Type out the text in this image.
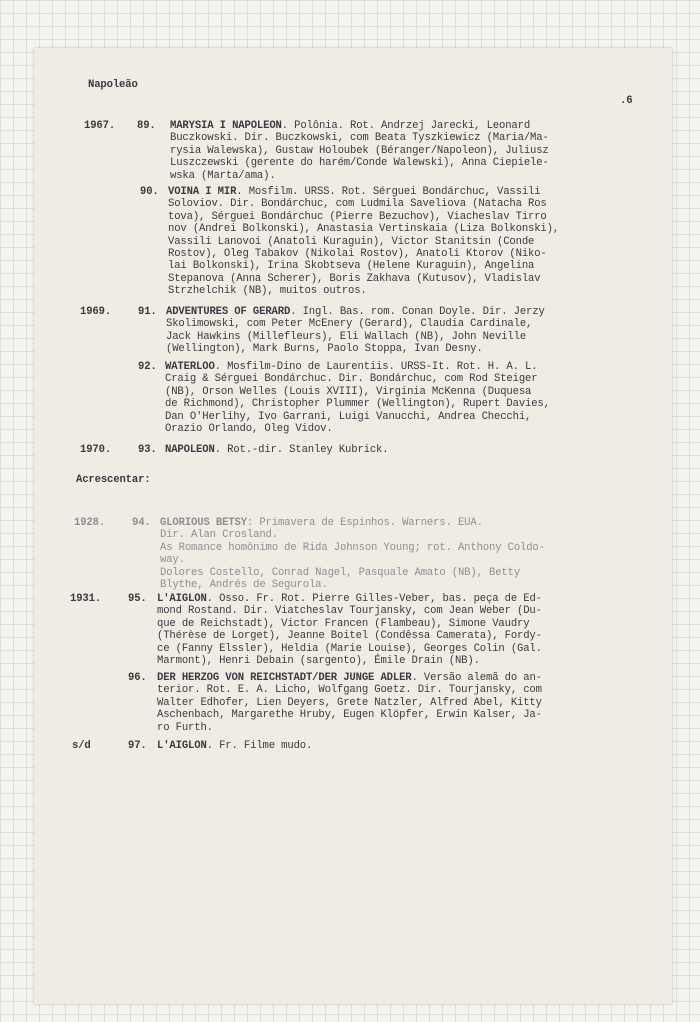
Napoleão
.6
Acrescentar:
1967. 89. MARYSIA I NAPOLEON. Polônia. Rot. Andrzej Jarecki, Leonard
Buczkowski. Dir. Buczkowski, com Beata Tyszkiewicz (Maria/Ma-
rysia Walewska), Gustaw Holoubek (Béranger/Napoleon), Juliusz
Luszczewski (gerente do harém/Conde Walewski), Anna Ciepiele-
wska (Marta/ama).
90. VOINA I MIR. Mosfilm. URSS. Rot. Sérguei Bondárchuc, Vassili
Soloviov. Dir. Bondárchuc, com Ludmila Saveliova (Natacha Ros
tova), Sérguei Bondárchuc (Pierre Bezuchov), Viacheslav Tirro
nov (Andrei Bolkonski), Anastasia Vertinskaia (Liza Bolkonski),
Vassili Lanovoi (Anatoli Kuraguin), Victor Stanitsin (Conde
Rostov), Oleg Tabakov (Nikolai Rostov), Anatoli Ktorov (Niko-
lai Bolkonski), Irina Skobtseva (Helene Kuraguin), Angelina
Stepanova (Anna Scherer), Boris Zakhava (Kutusov), Vladislav
Strzhelchik (NB), muitos outros.
1969.	91. ADVENTURES OF GERARD. Ingl. Bas. rom. Conan Doyle. Dir. Jerzy
Skolimowski, com Peter McEnery (Gerard), Claudia Cardinale,
Jack Hawkins (Millefleurs), Eli Wallach (NB), John Neville
(Wellington), Mark Burns, Paolo Stoppa, Ivan Desny.
92. WATERLOO. Mosfilm-Dino de Laurentiis. URSS-It. Rot. H. A. L.
Craig & Sérguei Bondárchuc. Dir. Bondárchuc, com Rod Steiger
(NB), Orson Welles (Louis XVIII), Virginia McKenna (Duquesa
de Richmond), Christopher Plummer (Wellington), Rupert Davies,
Dan O'Herlihy, Ivo Garrani, Luigi Vanucchi, Andrea Checchi,
Orazio Orlando, Oleg Vidov.
1970.	93. NAPOLEON. Rot.-dir. Stanley Kubrick.
1928.	94. GLORIOUS BETSY: Primavera de Espinhos. Warners. EUA.
Dir. Alan Crosland.
As Romance homônimo de Rida Johnson Young; rot. Anthony Coldo-
way.
Dolores Costello, Conrad Nagel, Pasquale Amato (NB), Betty
Blythe, Andrés de Segurola.
1931.	95. L'AIGLON. Osso. Fr. Rot. Pierre Gilles-Veber, bas. peça de Ed-
mond Rostand. Dir. Viatcheslav Tourjansky, com Jean Weber (Du-
que de Reichstadt), Victor Francen (Flambeau), Simone Vaudry
(Thérèse de Lorget), Jeanne Boitel (Condêssa Camerata), Fordy-
ce (Fanny Elssler), Heldia (Marie Louise), Georges Colin (Gal.
Marmont), Henri Debain (sargento), Émile Drain (NB).
96. DER HERZOG VON REICHSTADT/DER JUNGE ADLER. Versão alemã do an-
terior. Rot. E. A. Licho, Wolfgang Goetz. Dir. Tourjansky, com
Walter Edhofer, Lien Deyers, Grete Natzler, Alfred Abel, Kitty
Aschenbach, Margarethe Hruby, Eugen Klöpfer, Erwin Kalser, Ja-
ro Furth.
s/d	97. L'AIGLON. Fr. Filme mudo.
